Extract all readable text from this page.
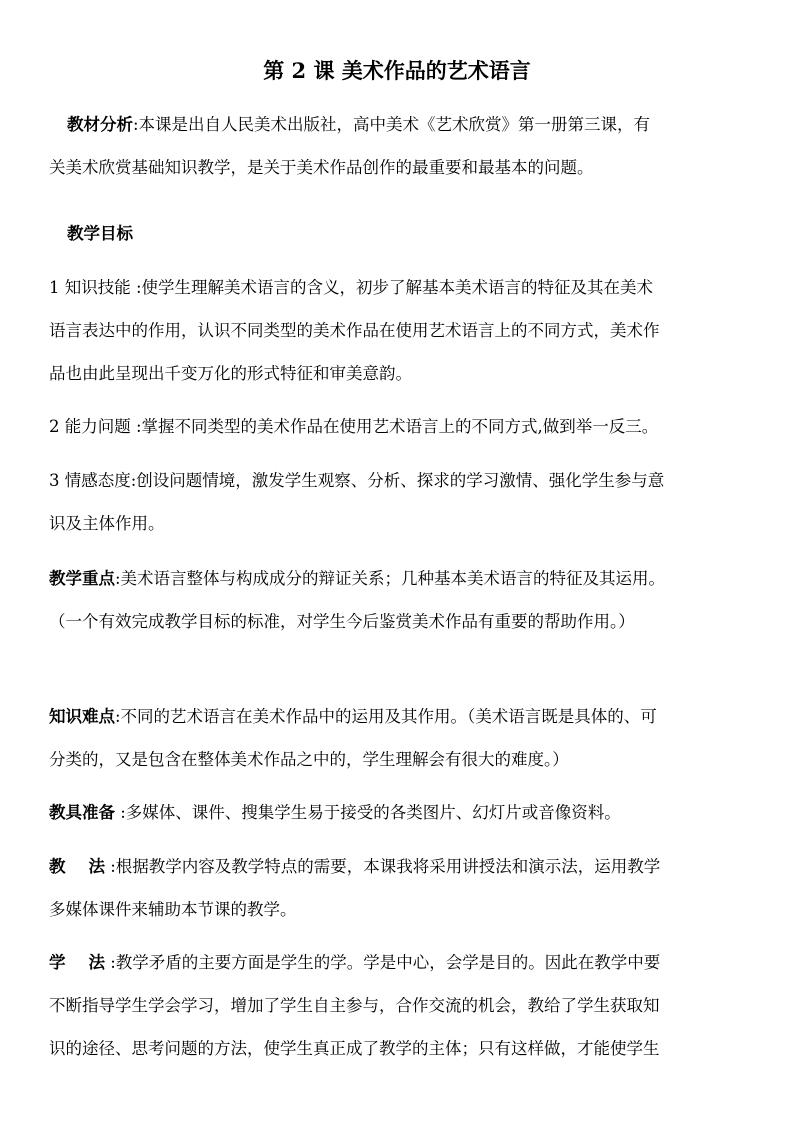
第 2 课 美术作品的艺术语言
教材分析:本课是出自人民美术出版社，高中美术《艺术欣赏》第一册第三课，有
关美术欣赏基础知识教学，是关于美术作品创作的最重要和最基本的问题。
教学目标
1 知识技能 :使学生理解美术语言的含义，初步了解基本美术语言的特征及其在美术
语言表达中的作用，认识不同类型的美术作品在使用艺术语言上的不同方式，美术作
品也由此呈现出千变万化的形式特征和审美意韵。
2 能力问题 :掌握不同类型的美术作品在使用艺术语言上的不同方式,做到举一反三。
3 情感态度:创设问题情境，激发学生观察、分析、探求的学习激情、强化学生参与意
识及主体作用。
教学重点:美术语言整体与构成成分的辩证关系；几种基本美术语言的特征及其运用。
（一个有效完成教学目标的标准，对学生今后鉴赏美术作品有重要的帮助作用。）
知识难点:不同的艺术语言在美术作品中的运用及其作用。（美术语言既是具体的、可
分类的，又是包含在整体美术作品之中的，学生理解会有很大的难度。）
教具准备 :多媒体、课件、搜集学生易于接受的各类图片、幻灯片或音像资料。
教    法 :根据教学内容及教学特点的需要，本课我将采用讲授法和演示法，运用教学
多媒体课件来辅助本节课的教学。
学    法 :教学矛盾的主要方面是学生的学。学是中心，会学是目的。因此在教学中要
不断指导学生学会学习，增加了学生自主参与，合作交流的机会，教给了学生获取知
识的途径、思考问题的方法，使学生真正成了教学的主体；只有这样做，才能使学生
